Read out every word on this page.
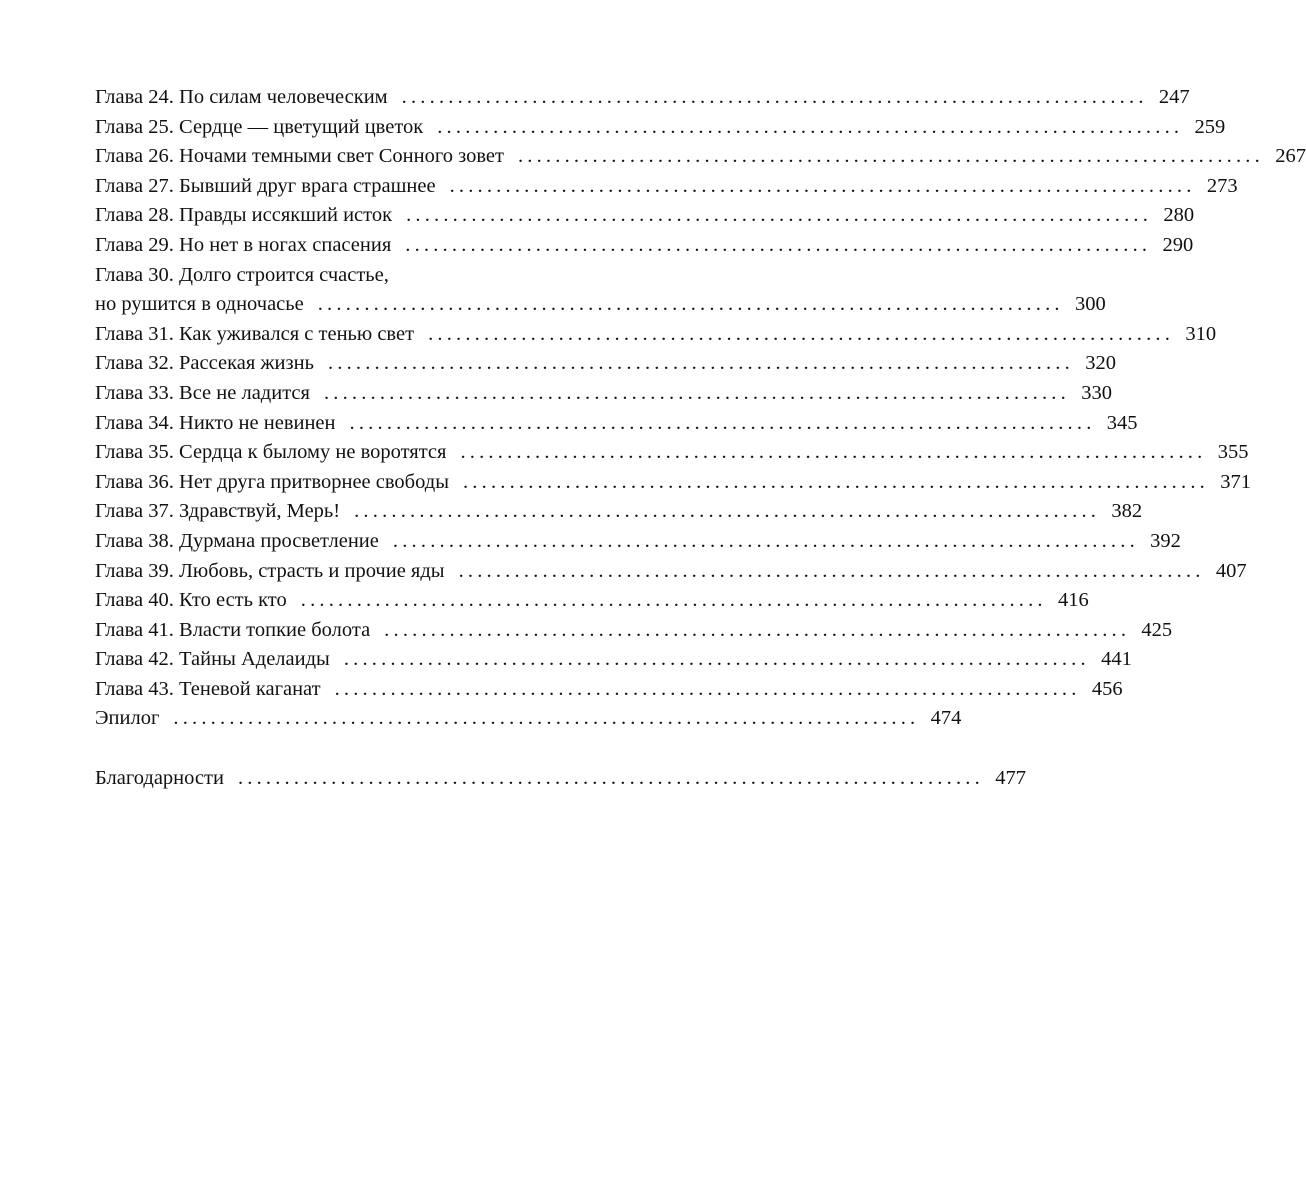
Глава 24. По силам человеческим ................................................................................ 247
Глава 25. Сердце — цветущий цветок ................................................................................ 259
Глава 26. Ночами темными свет Сонного зовет ................................................................................ 267
Глава 27. Бывший друг врага страшнее ................................................................................ 273
Глава 28. Правды иссякший исток ................................................................................ 280
Глава 29. Но нет в ногах спасения ................................................................................ 290
Глава 30. Долго строится счастье,
но рушится в одночасье ................................................................................ 300
Глава 31. Как уживался с тенью свет ................................................................................ 310
Глава 32. Рассекая жизнь ................................................................................ 320
Глава 33. Все не ладится ................................................................................ 330
Глава 34. Никто не невинен ................................................................................ 345
Глава 35. Сердца к былому не воротятся ................................................................................ 355
Глава 36. Нет друга притворнее свободы ................................................................................ 371
Глава 37. Здравствуй, Мерь! ................................................................................ 382
Глава 38. Дурмана просветление ................................................................................ 392
Глава 39. Любовь, страсть и прочие яды ................................................................................ 407
Глава 40. Кто есть кто ................................................................................ 416
Глава 41. Власти топкие болота ................................................................................ 425
Глава 42. Тайны Аделаиды ................................................................................ 441
Глава 43. Теневой каганат ................................................................................ 456
Эпилог ................................................................................ 474
Благодарности ................................................................................ 477
